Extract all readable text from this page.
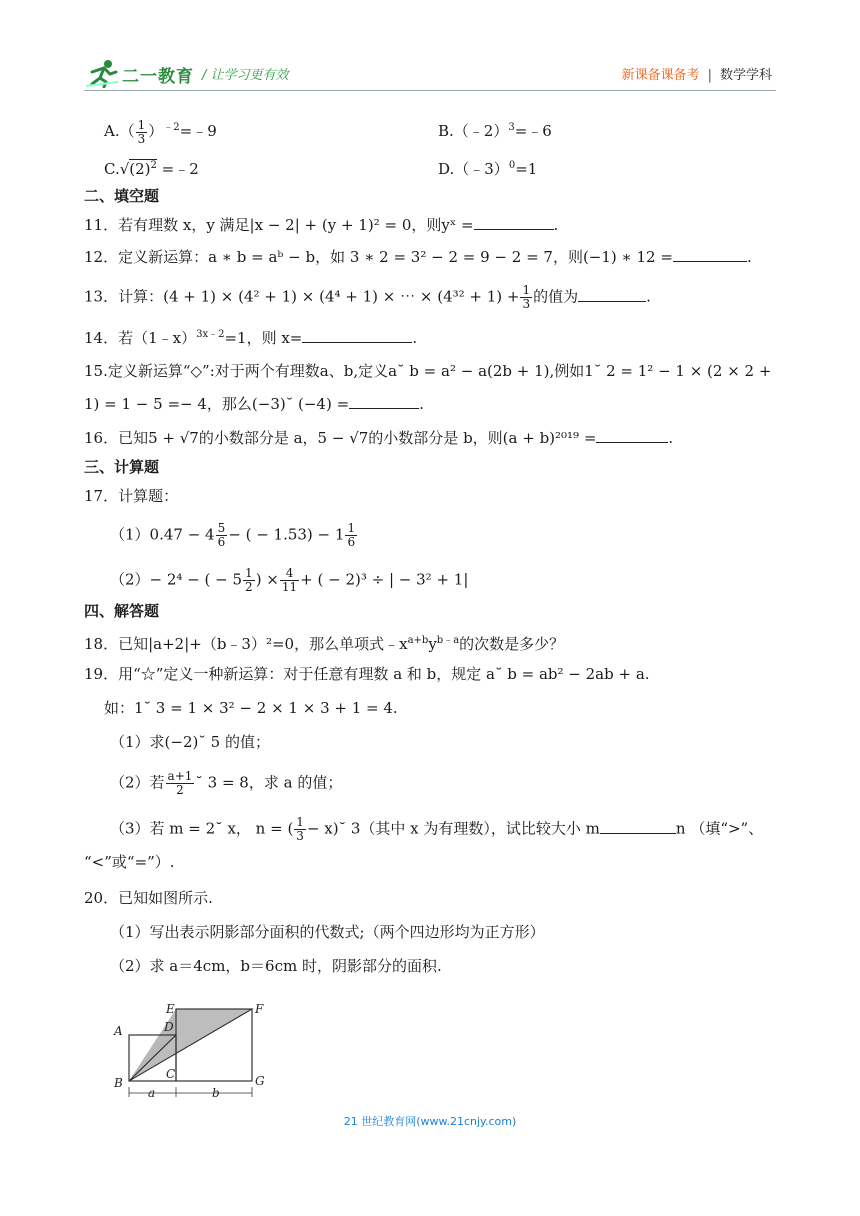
二一教育 / 让学习更有效	新课备课备考 | 数学学科
$A.( \frac{1}{3}$ ）$^{﹣2}=﹣9$	B.（﹣2）$^3$=﹣6
$C.√(2)^2$ =﹣2	D.（﹣3）$^0$=1
二、填空题
11．若有理数 x，y 满足|x − 2| + (y + 1)² = 0，则yˣ =	.
12．定义新运算：a ∗ b = aᵇ − b，如 3 ∗ 2 = 3² − 2 = 9 − 2 = 7，则(−1) ∗ 12 =	.
13．计算：(4 + 1) × (4² + 1) × (4⁴ + 1) × ⋯ × $(4^{32} + 1) + \frac{1}{3}$ 的值为	.
14．若（1﹣x）$^{3x﹣2}$=1，则 x=	.
15.定义新运算“◇”:对于两个有理数a、b,定义a˘ b = a² − a(2b + 1),例如1˘ 2 = 1² − 1 × (2 × 2 +
1) = 1 − 5 =− 4，那么(−3)˘ (−4) =	.
16．已知5 + √7的小数部分是 a，5 − √7的小数部分是 b，则(a + b)²⁰¹⁹ =	.
三、计算题
17．计算题：
$(1)0.47 - 4 \frac{5}{6}$ − ( − $1.53) - 1 \frac{1}{6}$
（2）− 2⁴ − ( − $5 \frac{1}{2}$ ) × $\frac{4}{11}$ + ( − 2)³ ÷ | − 3² + 1|
四、解答题
18．已知|a+2|+（b﹣3）²=0，那么单项式$﹣x^{a+b}y^{b﹣a}$的次数是多少？
19．用“☆”定义一种新运算：对于任意有理数 a 和 b，规定 a˘ b = ab² − 2ab + a.
如：1˘ 3 = 1 × 3² − 2 × 1 × 3 + 1 = 4.
（1）求(−2)˘ 5 的值；
（2）若 $\frac{a+1}{2}$ ˘ 3 = 8，求 a 的值；
（3）若 m = 2˘ x， n = ( $\frac{1}{3}$ − x)˘ 3（其中 x 为有理数），试比较大小 m	n （填“>”、
“<”或“=”）.
20．已知如图所示.
（1）写出表示阴影部分面积的代数式;（两个四边形均为正方形）
（2）求 a＝4cm，b＝6cm 时，阴影部分的面积.
A
B
C
D
E	F
G
a	b
21 世纪教育网(www.21cnjy.com)
